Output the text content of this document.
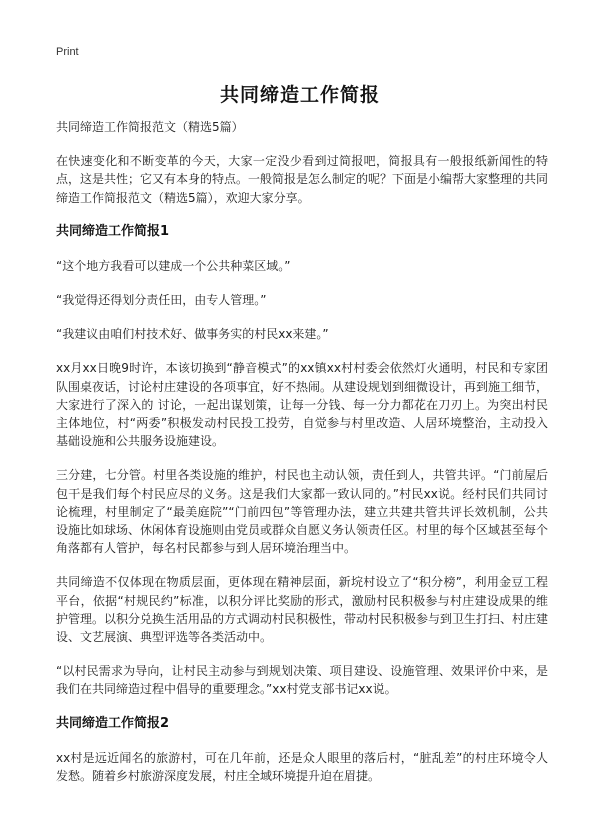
Print
共同缔造工作简报

共同缔造工作简报范文（精选5篇）

在快速变化和不断变革的今天，大家一定没少看到过简报吧，简报具有一般报纸新闻性的特点，这是共性；它又有本身的特点。一般简报是怎么制定的呢？下面是小编帮大家整理的共同缔造工作简报范文（精选5篇），欢迎大家分享。

共同缔造工作简报1

“这个地方我看可以建成一个公共种菜区域。”

“我觉得还得划分责任田，由专人管理。”

“我建议由咱们村技术好、做事务实的村民xx来建。”

xx月xx日晚9时许，本该切换到“静音模式”的xx镇xx村村委会依然灯火通明，村民和专家团队围桌夜话，讨论村庄建设的各项事宜，好不热闹。从建设规划到细微设计，再到施工细节，大家进行了深入的 讨论，一起出谋划策，让每一分钱、每一分力都花在刀刃上。为突出村民主体地位，村“两委”积极发动村民投工投劳，自觉参与村里改造、人居环境整治，主动投入基础设施和公共服务设施建设。

三分建，七分管。村里各类设施的维护，村民也主动认领，责任到人，共管共评。“门前屋后包干是我们每个村民应尽的义务。这是我们大家都一致认同的。”村民xx说。经村民们共同讨论梳理，村里制定了“最美庭院”“门前四包”等管理办法，建立共建共管共评长效机制，公共设施比如球场、休闲体育设施则由党员或群众自愿义务认领责任区。村里的每个区域甚至每个角落都有人管护，每名村民都参与到人居环境治理当中。

共同缔造不仅体现在物质层面，更体现在精神层面，新垸村设立了“积分榜”，利用金豆工程平台，依据“村规民约”标准，以积分评比奖励的形式，激励村民积极参与村庄建设成果的维护管理。以积分兑换生活用品的方式调动村民积极性，带动村民积极参与到卫生打扫、村庄建设、文艺展演、典型评选等各类活动中。

“以村民需求为导向，让村民主动参与到规划决策、项目建设、设施管理、效果评价中来，是我们在共同缔造过程中倡导的重要理念。”xx村党支部书记xx说。

共同缔造工作简报2

xx村是远近闻名的旅游村，可在几年前，还是众人眼里的落后村，“脏乱差”的村庄环境令人发愁。随着乡村旅游深度发展，村庄全域环境提升迫在眉捷。
